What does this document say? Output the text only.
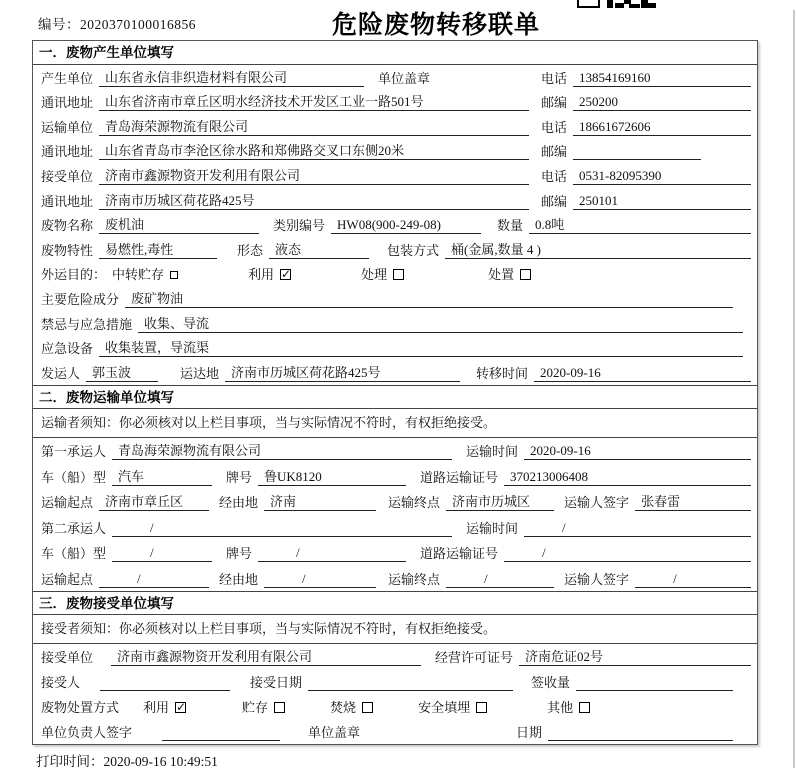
编号：2020370100016856	危险废物转移联单
一．废物产生单位填写
产生单位 山东省永信非织造材料有限公司	单位盖章	电话 13854169160
通讯地址 山东省济南市章丘区明水经济技术开发区工业一路501号	邮编 250200
运输单位 青岛海荣源物流有限公司	电话 18661672606
通讯地址 山东省青岛市李沧区徐水路和郑佛路交叉口东侧20米	邮编
接受单位 济南市鑫源物资开发利用有限公司	电话 0531-82095390
通讯地址 济南市历城区荷花路425号	邮编 250101
废物名称 废机油	类别编号 HW08(900-249-08)	数量 0.8吨
废物特性 易燃性,毒性	形态 液态	包装方式 桶(金属,数量 4 )
外运目的： 中转贮存	利用 ✓	处理	处置
主要危险成分 废矿物油
禁忌与应急措施 收集、导流
应急设备 收集装置，导流渠
发运人 郭玉波	运达地 济南市历城区荷花路425号	转移时间 2020-09-16
二．废物运输单位填写
运输者须知：你必须核对以上栏目事项，当与实际情况不符时，有权拒绝接受。
第一承运人 青岛海荣源物流有限公司	运输时间 2020-09-16
车（船）型 汽车	牌号 鲁UK8120	道路运输证号 370213006408
运输起点 济南市章丘区	经由地 济南	运输终点 济南市历城区	运输人签字 张春雷
第二承运人	/	运输时间	/
车（船）型	/	牌号	/	道路运输证号	/
运输起点	/	经由地	/	运输终点	/	运输人签字	/
三．废物接受单位填写
接受者须知：你必须核对以上栏目事项，当与实际情况不符时，有权拒绝接受。
接受单位	济南市鑫源物资开发利用有限公司	经营许可证号 济南危证02号
接受人	接受日期	签收量
废物处置方式 利用 ✓	贮存	焚烧	安全填埋	其他
单位负责人签字	单位盖章	日期
打印时间：2020-09-16 10:49:51
